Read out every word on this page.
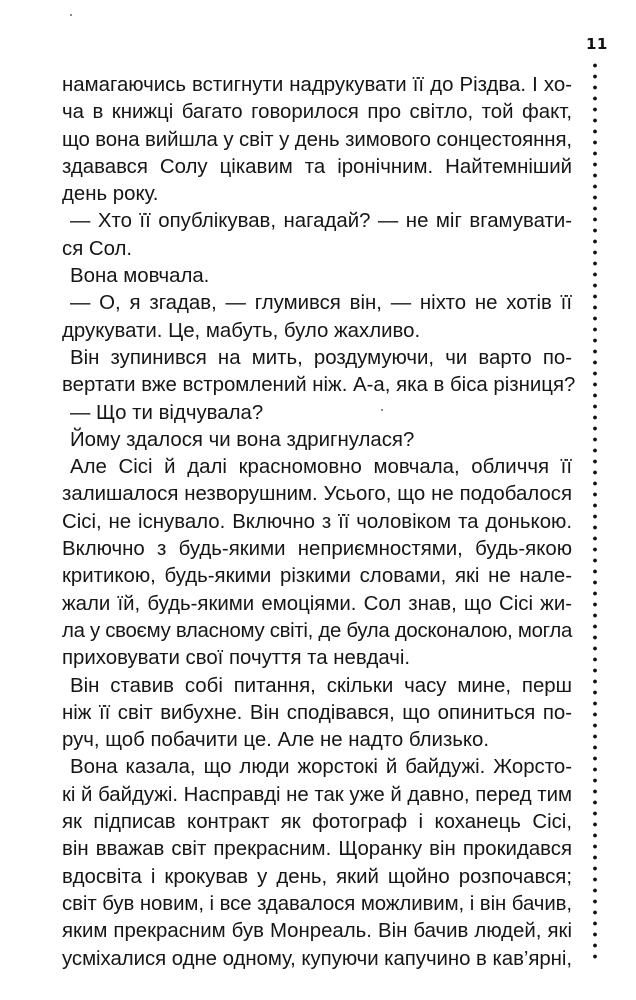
11
намагаючись встигнути надрукувати її до Різдва. І хо-
ча в книжці багато говорилося про світло, той факт,
що вона вийшла у світ у день зимового сонцестояння,
здавався Солу цікавим та іронічним. Найтемніший
день року.
— Хто її опублікував, нагадай? — не міг вгамувати-
ся Сол.
Вона мовчала.
— О, я згадав, — глумився він, — ніхто не хотів її
друкувати. Це, мабуть, було жахливо.
Він зупинився на мить, роздумуючи, чи варто по-
вертати вже встромлений ніж. А-а, яка в біса різниця?
— Що ти відчувала?
Йому здалося чи вона здригнулася?
Але Сісі й далі красномовно мовчала, обличчя її
залишалося незворушним. Усього, що не подобалося
Сісі, не існувало. Включно з її чоловіком та донькою.
Включно з будь-якими неприємностями, будь-якою
критикою, будь-якими різкими словами, які не нале-
жали їй, будь-якими емоціями. Сол знав, що Сісі жи-
ла у своєму власному світі, де була досконалою, могла
приховувати свої почуття та невдачі.
Він ставив собі питання, скільки часу мине, перш
ніж її світ вибухне. Він сподівався, що опиниться по-
руч, щоб побачити це. Але не надто близько.
Вона казала, що люди жорстокі й байдужі. Жорсто-
кі й байдужі. Насправді не так уже й давно, перед тим
як підписав контракт як фотограф і коханець Сісі,
він вважав світ прекрасним. Щоранку він прокидався
вдосвіта і крокував у день, який щойно розпочався;
світ був новим, і все здавалося можливим, і він бачив,
яким прекрасним був Монреаль. Він бачив людей, які
усміхалися одне одному, купуючи капучино в кав’ярні,
